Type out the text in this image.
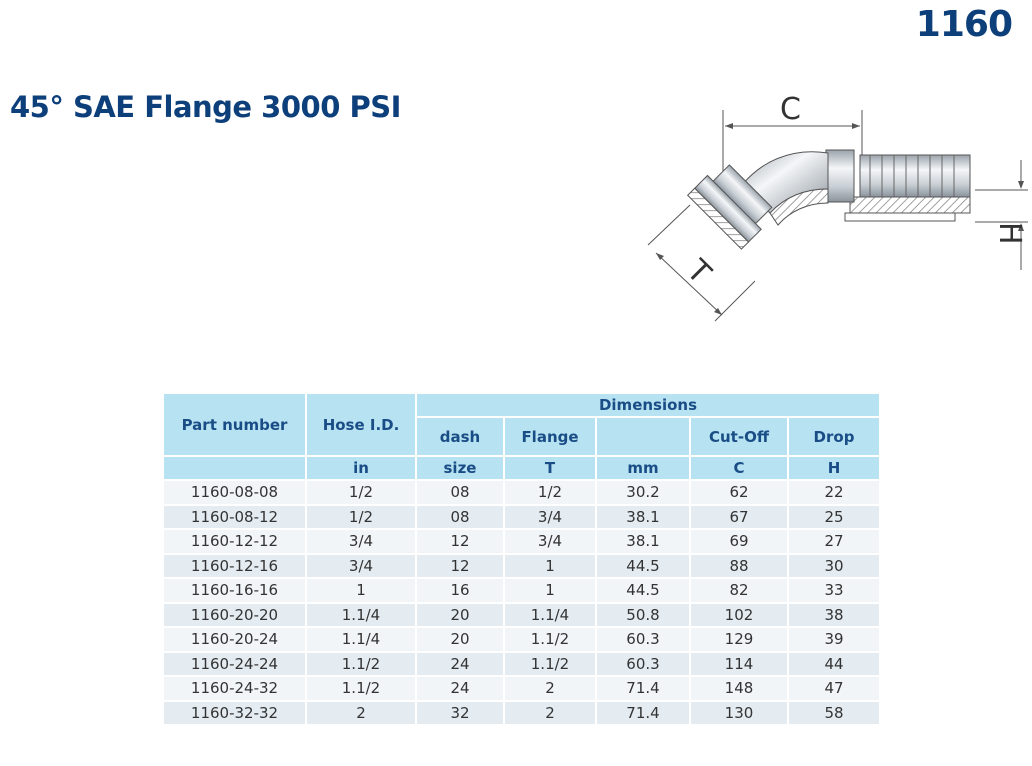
1160
45° SAE Flange 3000 PSI	C
H
T
Part number	Hose I.D.	Dimensions				
		dash	Flange		Cut-Off	Drop
	in	size	T	mm	C	H
1160-08-08	1/2	08	1/2	30.2	62	22
1160-08-12	1/2	08	3/4	38.1	67	25
1160-12-12	3/4	12	3/4	38.1	69	27
1160-12-16	3/4	12	1	44.5	88	30
1160-16-16	1	16	1	44.5	82	33
1160-20-20	1.1/4	20	1.1/4	50.8	102	38
1160-20-24	1.1/4	20	1.1/2	60.3	129	39
1160-24-24	1.1/2	24	1.1/2	60.3	114	44
1160-24-32	1.1/2	24	2	71.4	148	47
1160-32-32	2	32	2	71.4	130	58
